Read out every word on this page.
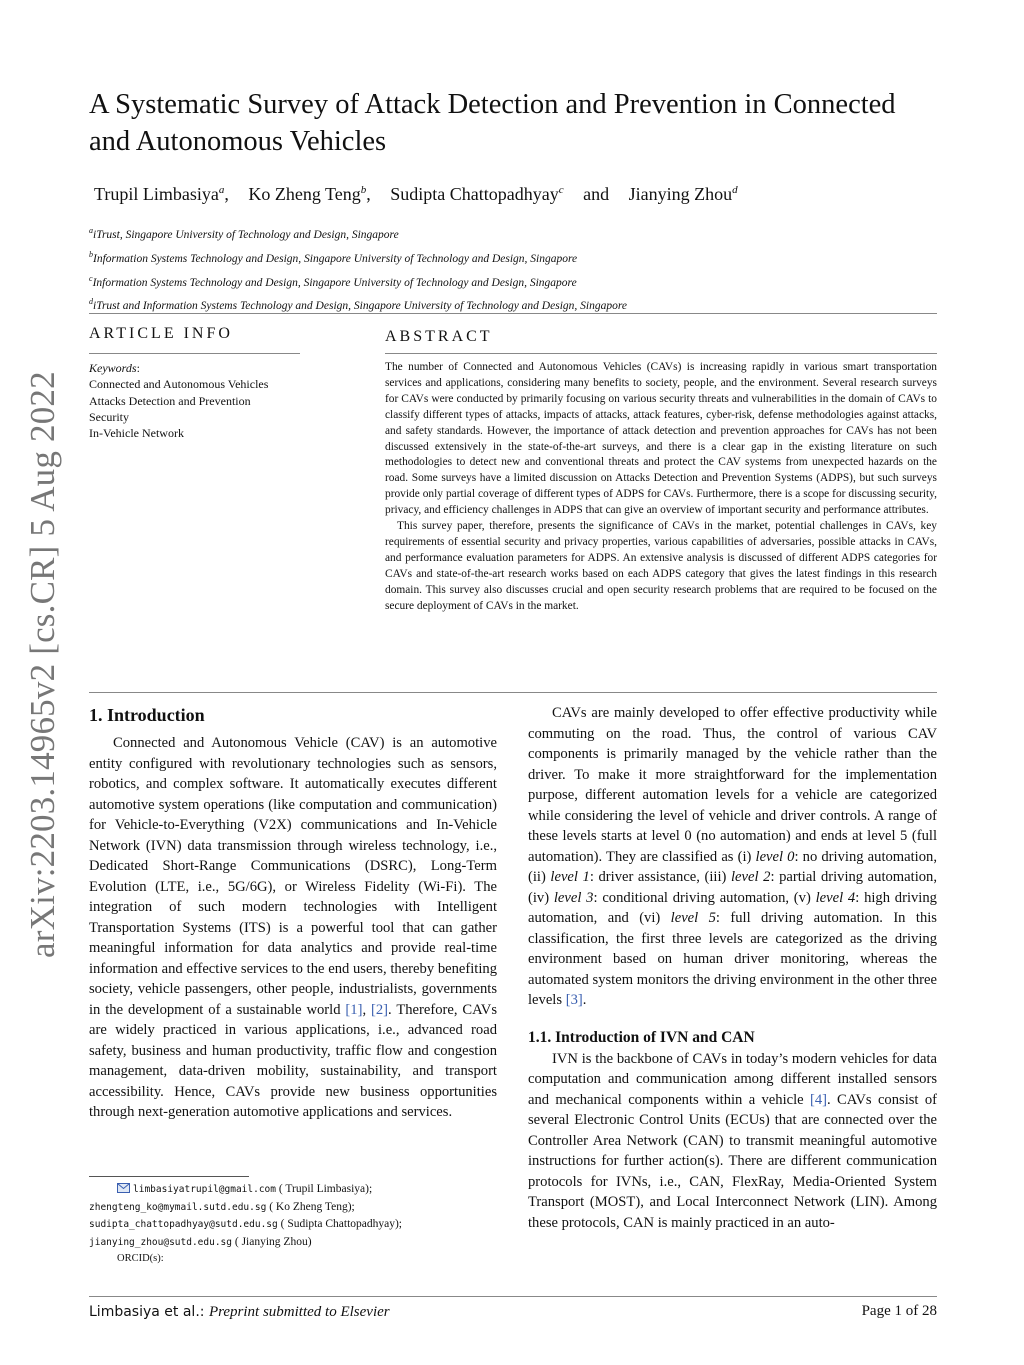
arXiv:2203.14965v2 [cs.CR] 5 Aug 2022
A Systematic Survey of Attack Detection and Prevention in Connected
and Autonomous Vehicles
Trupil Limbasiya$^a$, Ko Zheng Teng$^b$, Sudipta Chattopadhyay$^c$ and Jianying Zhou$^d$
$^a$iTrust, Singapore University of Technology and Design, Singapore
$^b$Information Systems Technology and Design, Singapore University of Technology and Design, Singapore
$^c$Information Systems Technology and Design, Singapore University of Technology and Design, Singapore
$^d$iTrust and Information Systems Technology and Design, Singapore University of Technology and Design, Singapore
ARTICLE INFO	ABSTRACT
Keywords:
Connected and Autonomous Vehicles
Attacks Detection and Prevention
Security
In-Vehicle Network

The number of Connected and Autonomous Vehicles (CAVs) is increasing rapidly in various smart transportation services and applications, considering many benefits to society, people, and the environment. Several research surveys for CAVs were conducted by primarily focusing on various security threats and vulnerabilities in the domain of CAVs to classify different types of attacks, impacts of attacks, attack features, cyber-risk, defense methodologies against attacks, and safety standards. However, the importance of attack detection and prevention approaches for CAVs has not been discussed extensively in the state-of-the-art surveys, and there is a clear gap in the existing literature on such methodologies to detect new and conventional threats and protect the CAV systems from unexpected hazards on the road. Some surveys have a limited discussion on Attacks Detection and Prevention Systems (ADPS), but such surveys provide only partial coverage of different types of ADPS for CAVs. Furthermore, there is a scope for discussing security, privacy, and efficiency challenges in ADPS that can give an overview of important security and performance attributes.

This survey paper, therefore, presents the significance of CAVs in the market, potential challenges in CAVs, key requirements of essential security and privacy properties, various capabilities of adversaries, possible attacks in CAVs, and performance evaluation parameters for ADPS. An extensive analysis is discussed of different ADPS categories for CAVs and state-of-the-art research works based on each ADPS category that gives the latest findings in this research domain. This survey also discusses crucial and open security research problems that are required to be focused on the secure deployment of CAVs in the market.

1. Introduction

Connected and Autonomous Vehicle (CAV) is an automotive entity configured with revolutionary technologies such as sensors, robotics, and complex software. It automatically executes different automotive system operations (like computation and communication) for Vehicle-to-Everything (V2X) communications and In-Vehicle Network (IVN) data transmission through wireless technology, i.e., Dedicated Short-Range Communications (DSRC), Long-Term Evolution (LTE, i.e., 5G/6G), or Wireless Fidelity (Wi-Fi). The integration of such modern technologies with Intelligent Transportation Systems (ITS) is a powerful tool that can gather meaningful information for data analytics and provide real-time information and effective services to the end users, thereby benefiting society, vehicle passengers, other people, industrialists, governments in the development of a sustainable world [1], [2]. Therefore, CAVs are widely practiced in various applications, i.e., advanced road safety, business and human productivity, traffic flow and congestion management, data-driven mobility, sustainability, and transport accessibility. Hence, CAVs provide new business opportunities through next-generation automotive applications and services.

CAVs are mainly developed to offer effective productivity while commuting on the road. Thus, the control of various CAV components is primarily managed by the vehicle rather than the driver. To make it more straightforward for the implementation purpose, different automation levels for a vehicle are categorized while considering the level of vehicle and driver controls. A range of these levels starts at level 0 (no automation) and ends at level 5 (full automation). They are classified as (i) level 0: no driving automation, (ii) level 1: driver assistance, (iii) level 2: partial driving automation, (iv) level 3: conditional driving automation, (v) level 4: high driving automation, and (vi) level 5: full driving automation. In this classification, the first three levels are categorized as the driving environment based on human driver monitoring, whereas the automated system monitors the driving environment in the other three levels [3].

1.1. Introduction of IVN and CAN

IVN is the backbone of CAVs in today’s modern vehicles for data computation and communication among different installed sensors and mechanical components within a vehicle [4]. CAVs consist of several Electronic Control Units (ECUs) that are connected over the Controller Area Network (CAN) to transmit meaningful automotive instructions for further action(s). There are different communication protocols for IVNs, i.e., CAN, FlexRay, Media-Oriented System Transport (MOST), and Local Interconnect Network (LIN). Among these protocols, CAN is mainly practiced in an auto-

limbasiyatrupil@gmail.com ( Trupil Limbasiya);
zhengteng_ko@mymail.sutd.edu.sg ( Ko Zheng Teng);
sudipta_chattopadhyay@sutd.edu.sg ( Sudipta Chattopadhyay);
jianying_zhou@sutd.edu.sg ( Jianying Zhou)
ORCID(s):
Limbasiya et al.: Preprint submitted to Elsevier	Page 1 of 28
